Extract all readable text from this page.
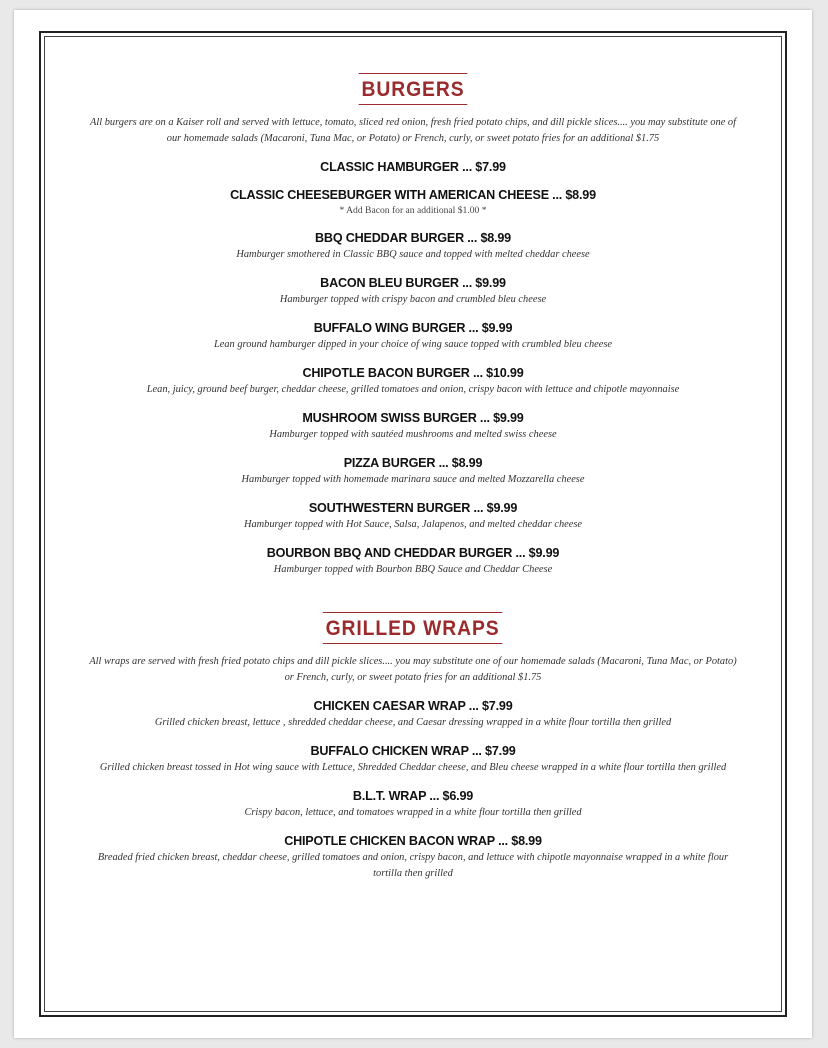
BURGERS

All burgers are on a Kaiser roll and served with lettuce, tomato, sliced red onion, fresh fried potato chips, and dill pickle slices.... you may substitute one of our homemade salads (Macaroni, Tuna Mac, or Potato) or French, curly, or sweet potato fries for an additional $1.75

CLASSIC HAMBURGER ... $7.99
CLASSIC CHEESEBURGER WITH AMERICAN CHEESE ... $8.99
* Add Bacon for an additional $1.00 *
BBQ CHEDDAR BURGER ... $8.99
Hamburger smothered in Classic BBQ sauce and topped with melted cheddar cheese
BACON BLEU BURGER ... $9.99
Hamburger topped with crispy bacon and crumbled bleu cheese
BUFFALO WING BURGER ... $9.99
Lean ground hamburger dipped in your choice of wing sauce topped with crumbled bleu cheese
CHIPOTLE BACON BURGER ... $10.99
Lean, juicy, ground beef burger, cheddar cheese, grilled tomatoes and onion, crispy bacon with lettuce and chipotle mayonnaise
MUSHROOM SWISS BURGER ... $9.99
Hamburger topped with sautéed mushrooms and melted swiss cheese
PIZZA BURGER ... $8.99
Hamburger topped with homemade marinara sauce and melted Mozzarella cheese
SOUTHWESTERN BURGER ... $9.99
Hamburger topped with Hot Sauce, Salsa, Jalapenos, and melted cheddar cheese
BOURBON BBQ AND CHEDDAR BURGER ... $9.99
Hamburger topped with Bourbon BBQ Sauce and Cheddar Cheese
GRILLED WRAPS

All wraps are served with fresh fried potato chips and dill pickle slices.... you may substitute one of our homemade salads (Macaroni, Tuna Mac, or Potato) or French, curly, or sweet potato fries for an additional $1.75

CHICKEN CAESAR WRAP ... $7.99
Grilled chicken breast, lettuce , shredded cheddar cheese, and Caesar dressing wrapped in a white flour tortilla then grilled
BUFFALO CHICKEN WRAP ... $7.99
Grilled chicken breast tossed in Hot wing sauce with Lettuce, Shredded Cheddar cheese, and Bleu cheese wrapped in a white flour tortilla then grilled
B.L.T. WRAP ... $6.99
Crispy bacon, lettuce, and tomatoes wrapped in a white flour tortilla then grilled
CHIPOTLE CHICKEN BACON WRAP ... $8.99
Breaded fried chicken breast, cheddar cheese, grilled tomatoes and onion, crispy bacon, and lettuce with chipotle mayonnaise wrapped in a white flour tortilla then grilled
